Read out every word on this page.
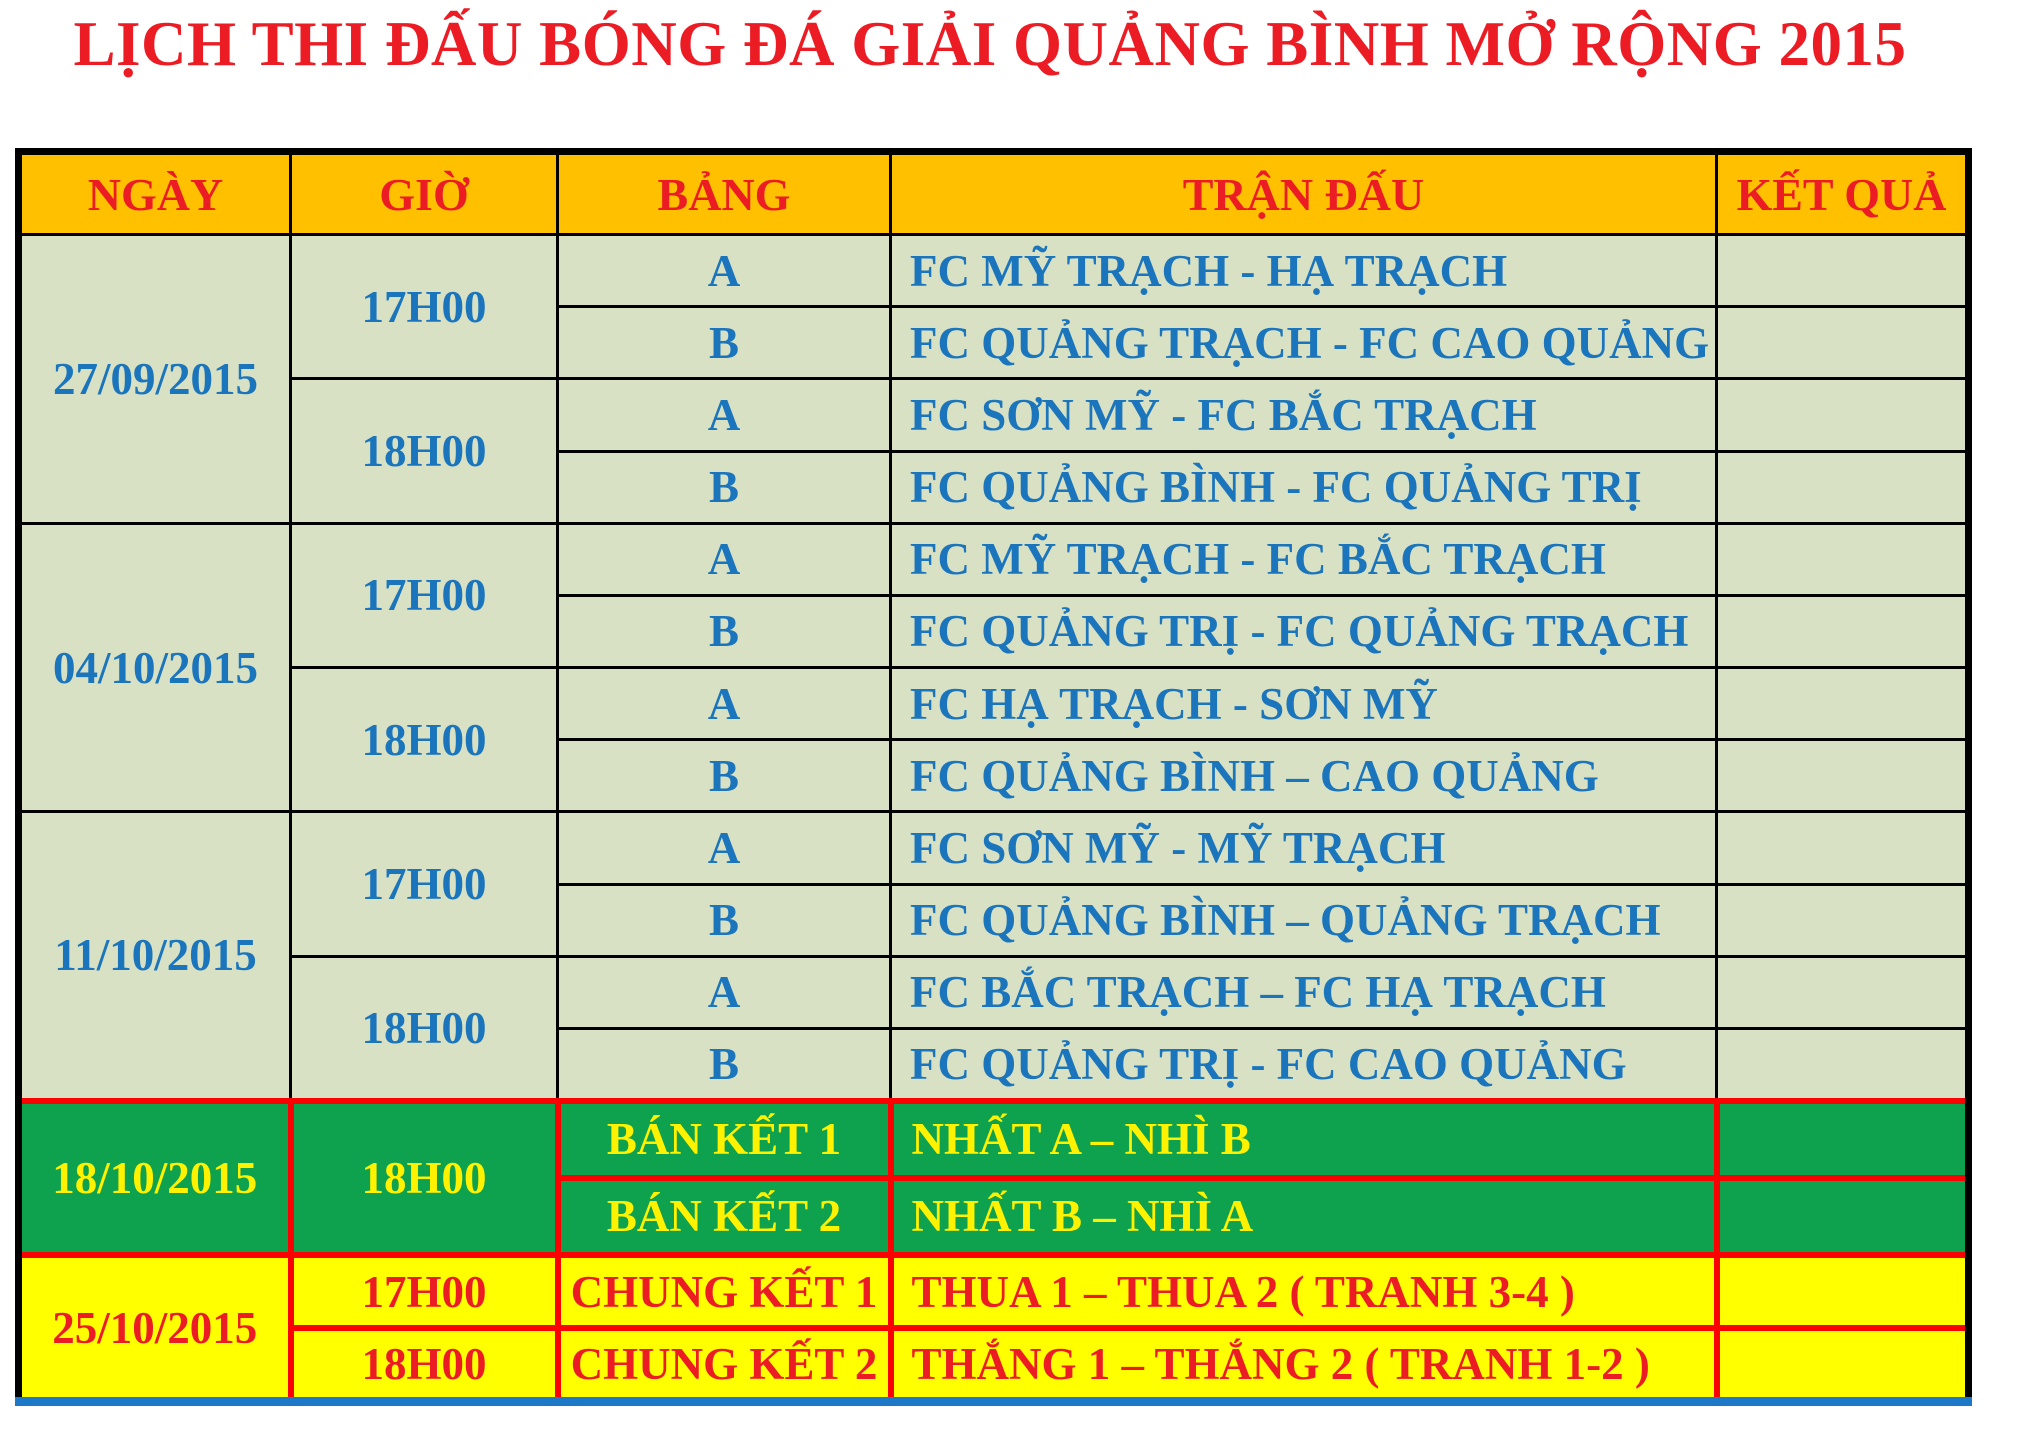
LỊCH THI ĐẤU BÓNG ĐÁ GIẢI QUẢNG BÌNH MỞ RỘNG 2015
NGÀY	GIỜ	BẢNG	TRẬN ĐẤU	KẾT QUẢ
27/09/2015	17H00	A	FC MỸ TRẠCH - HẠ TRẠCH	
		B	FC QUẢNG TRẠCH - FC CAO QUẢNG	
	18H00	A	FC SƠN MỸ - FC BẮC TRẠCH	
		B	FC QUẢNG BÌNH - FC QUẢNG TRỊ	
04/10/2015	17H00	A	FC MỸ TRẠCH - FC BẮC TRẠCH	
		B	FC QUẢNG TRỊ - FC QUẢNG TRẠCH	
	18H00	A	FC HẠ TRẠCH - SƠN MỸ	
		B	FC QUẢNG BÌNH – CAO QUẢNG	
11/10/2015	17H00	A	FC SƠN MỸ - MỸ TRẠCH	
		B	FC QUẢNG BÌNH – QUẢNG TRẠCH	
	18H00	A	FC BẮC TRẠCH – FC HẠ TRẠCH	
		B	FC QUẢNG TRỊ - FC CAO QUẢNG	
18/10/2015	18H00	BÁN KẾT 1	NHẤT A – NHÌ B	
		BÁN KẾT 2	NHẤT B – NHÌ A	
25/10/2015	17H00	CHUNG KẾT 1	THUA 1 – THUA 2 ( TRANH 3-4 )	
	18H00	CHUNG KẾT 2	THẮNG 1 – THẮNG 2 ( TRANH 1-2 )	
